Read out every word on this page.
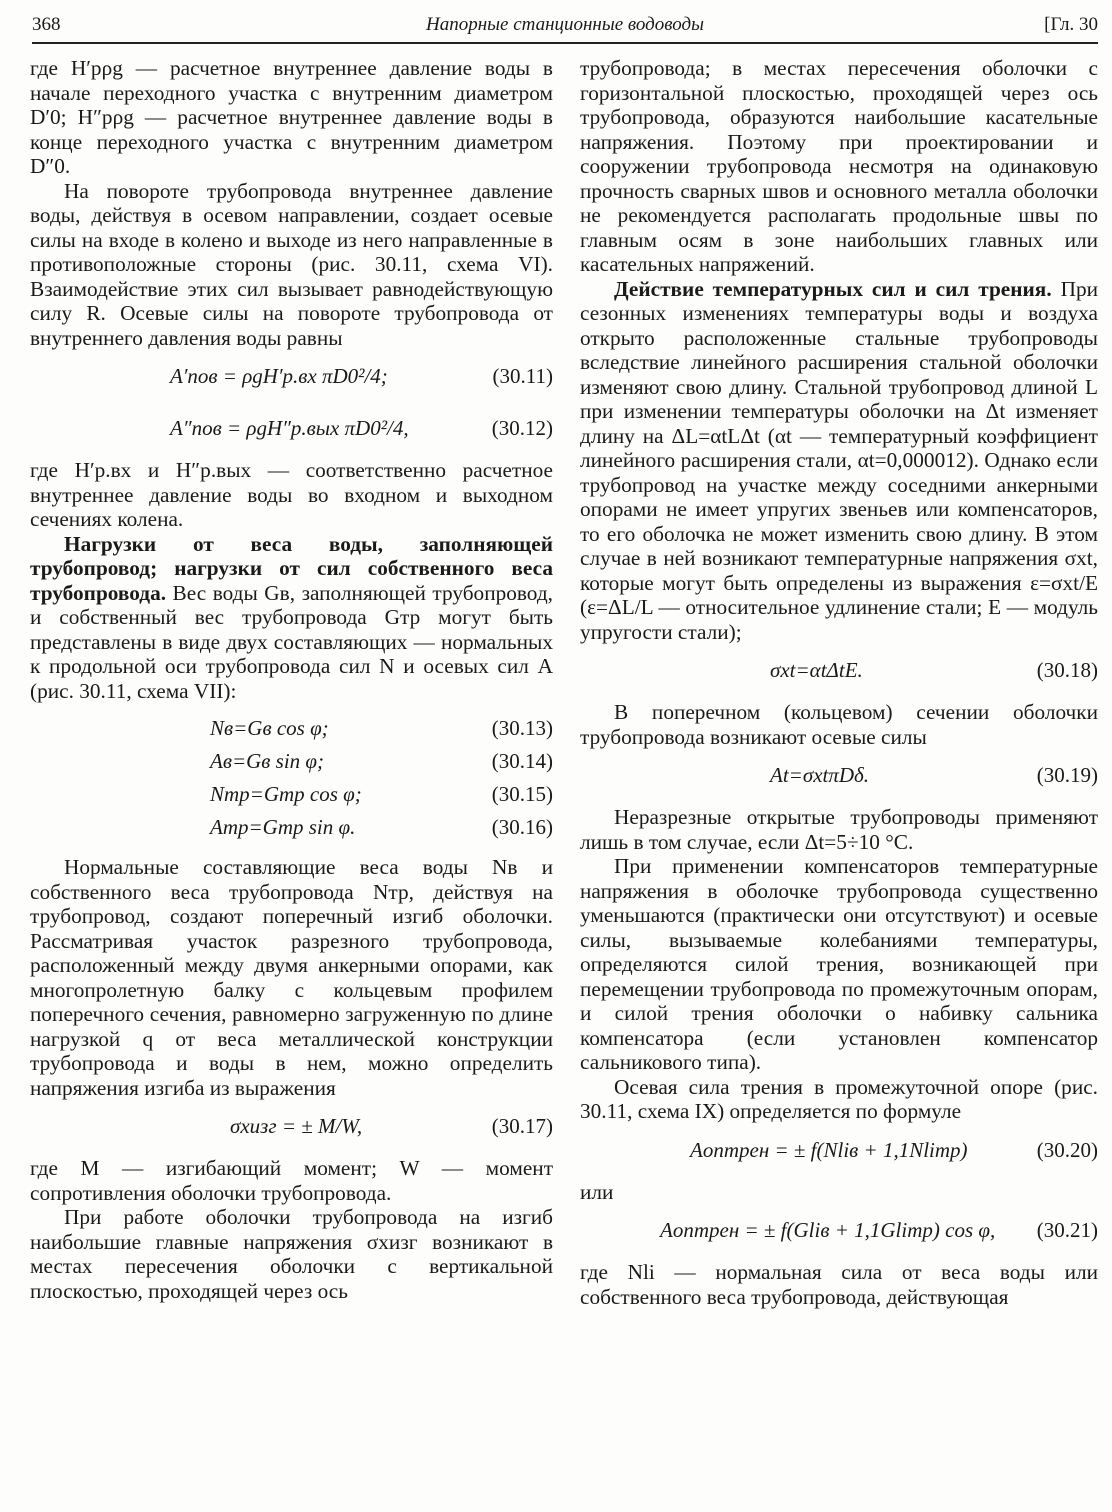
368	Напорные станционные водоводы	[Гл. 30

где H′рρg — расчетное внутреннее давление воды в начале переходного участка с внутренним диаметром D′0; H″рρg — расчетное внутреннее давление воды в конце переходного участка с внутренним диаметром D″0.

На повороте трубопровода внутреннее давление воды, действуя в осевом направлении, создает осевые силы на входе в колено и выходе из него направленные в противоположные стороны (рис. 30.11, схема VI). Взаимодействие этих сил вызывает равнодействующую силу R. Осевые силы на повороте трубопровода от внутреннего давления воды равны

A′пов = ρgH′р.вх πD0²/4;	(30.11)
A″пов = ρgH″р.вых πD0²/4,	(30.12)

где H′р.вх и H″р.вых — соответственно расчетное внутреннее давление воды во входном и выходном сечениях колена.

Нагрузки от веса воды, заполняющей трубопровод; нагрузки от сил собственного веса трубопровода. Вес воды Gв, заполняющей трубопровод, и собственный вес трубопровода Gтр могут быть представлены в виде двух составляющих — нормальных к продольной оси трубопровода сил N и осевых сил A (рис. 30.11, схема VII):

Nв=Gв cos φ;	(30.13)
Aв=Gв sin φ;	(30.14)
Nтр=Gтр cos φ;	(30.15)
Aтр=Gтр sin φ.	(30.16)

Нормальные составляющие веса воды Nв и собственного веса трубопровода Nтр, действуя на трубопровод, создают поперечный изгиб оболочки. Рассматривая участок разрезного трубопровода, расположенный между двумя анкерными опорами, как многопролетную балку с кольцевым профилем поперечного сечения, равномерно загруженную по длине нагрузкой q от веса металлической конструкции трубопровода и воды в нем, можно определить напряжения изгиба из выражения

σxизг = ± M/W,	(30.17)

где M — изгибающий момент; W — момент сопротивления оболочки трубопровода.

При работе оболочки трубопровода на изгиб наибольшие главные напряжения σxизг возникают в местах пересечения оболочки с вертикальной плоскостью, проходящей через ось

трубопровода; в местах пересечения оболочки с горизонтальной плоскостью, проходящей через ось трубопровода, образуются наибольшие касательные напряжения. Поэтому при проектировании и сооружении трубопровода несмотря на одинаковую прочность сварных швов и основного металла оболочки не рекомендуется располагать продольные швы по главным осям в зоне наибольших главных или касательных напряжений.

Действие температурных сил и сил трения. При сезонных изменениях температуры воды и воздуха открыто расположенные стальные трубопроводы вследствие линейного расширения стальной оболочки изменяют свою длину. Стальной трубопровод длиной L при изменении температуры оболочки на Δt изменяет длину на ΔL=αtLΔt (αt — температурный коэффициент линейного расширения стали, αt=0,000012). Однако если трубопровод на участке между соседними анкерными опорами не имеет упругих звеньев или компенсаторов, то его оболочка не может изменить свою длину. В этом случае в ней возникают температурные напряжения σxt, которые могут быть определены из выражения ε=σxt/E (ε=ΔL/L — относительное удлинение стали; E — модуль упругости стали);

σxt=αtΔtE.	(30.18)

В поперечном (кольцевом) сечении оболочки трубопровода возникают осевые силы

At=σxtπDδ.	(30.19)

Неразрезные открытые трубопроводы применяют лишь в том случае, если Δt=5÷10 °C.

При применении компенсаторов температурные напряжения в оболочке трубопровода существенно уменьшаются (практически они отсутствуют) и осевые силы, вызываемые колебаниями температуры, определяются силой трения, возникающей при перемещении трубопровода по промежуточным опорам, и силой трения оболочки о набивку сальника компенсатора (если установлен компенсатор сальникового типа).

Осевая сила трения в промежуточной опоре (рис. 30.11, схема IX) определяется по формуле

Aоптрен = ± f(Nliв + 1,1Nliтр)	(30.20)

или

Aоптрен = ± f(Gliв + 1,1Gliтр) cos φ, (30.21)

где Nli — нормальная сила от веса воды или собственного веса трубопровода, действующая
